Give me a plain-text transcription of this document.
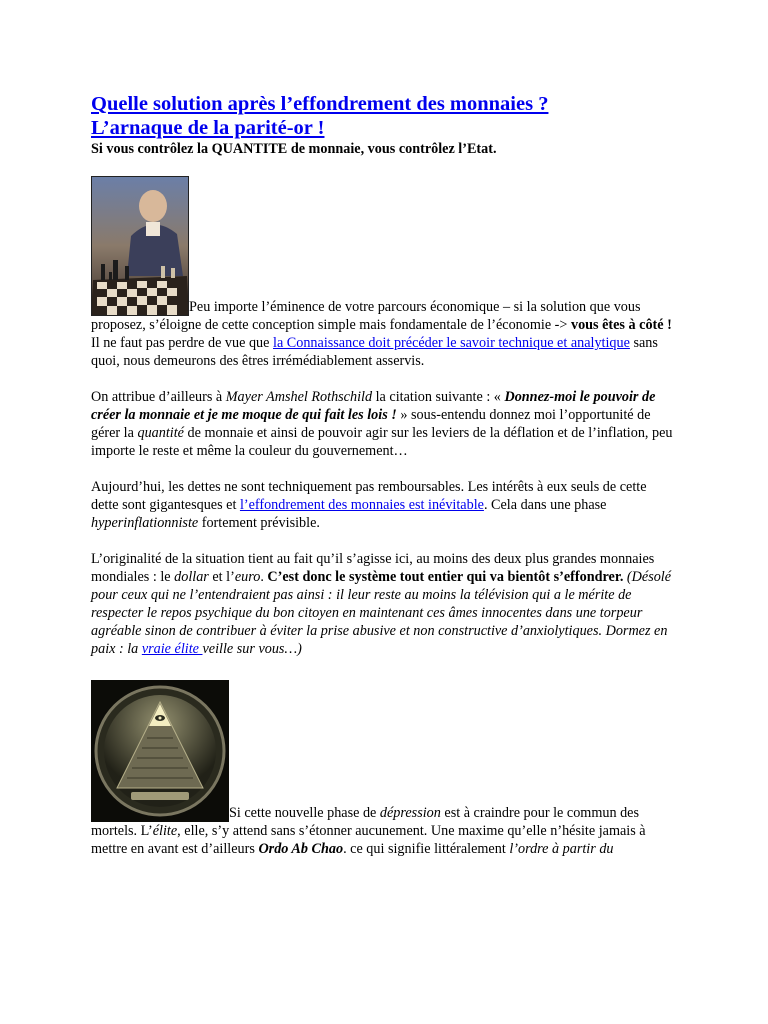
Quelle solution après l’effondrement des monnaies ?
L’arnaque de la parité-or !

Si vous contrôlez la QUANTITE de monnaie, vous contrôlez l’Etat.

Peu importe l’éminence de votre parcours économique – si la solution que vous proposez, s’éloigne de cette conception simple mais fondamentale de l’économie -> vous êtes à côté !

Il ne faut pas perdre de vue que la Connaissance doit précéder le savoir technique et analytique sans quoi, nous demeurons des êtres irrémédiablement asservis.

On attribue d’ailleurs à Mayer Amshel Rothschild la citation suivante : « Donnez-moi le pouvoir de créer la monnaie et je me moque de qui fait les lois ! » sous-entendu donnez moi l’opportunité de gérer la quantité de monnaie et ainsi de pouvoir agir sur les leviers de la déflation et de l’inflation, peu importe le reste et même la couleur du gouvernement…

Aujourd’hui, les dettes ne sont techniquement pas remboursables. Les intérêts à eux seuls de cette dette sont gigantesques et l’effondrement des monnaies est inévitable. Cela dans une phase hyperinflationniste fortement prévisible.

L’originalité de la situation tient au fait qu’il s’agisse ici, au moins des deux plus grandes monnaies mondiales : le dollar et l’euro. C’est donc le système tout entier qui va bientôt s’effondrer. (Désolé pour ceux qui ne l’entendraient pas ainsi : il leur reste au moins la télévision qui a le mérite de respecter le repos psychique du bon citoyen en maintenant ces âmes innocentes dans une torpeur agréable sinon de contribuer à éviter la prise abusive et non constructive d’anxiolytiques. Dormez en paix : la vraie élite veille sur vous…)

Si cette nouvelle phase de dépression est à craindre pour le commun des mortels. L’élite, elle, s’y attend sans s’étonner aucunement. Une maxime qu’elle n’hésite jamais à mettre en avant est d’ailleurs Ordo Ab Chao. ce qui signifie littéralement l’ordre à partir du
